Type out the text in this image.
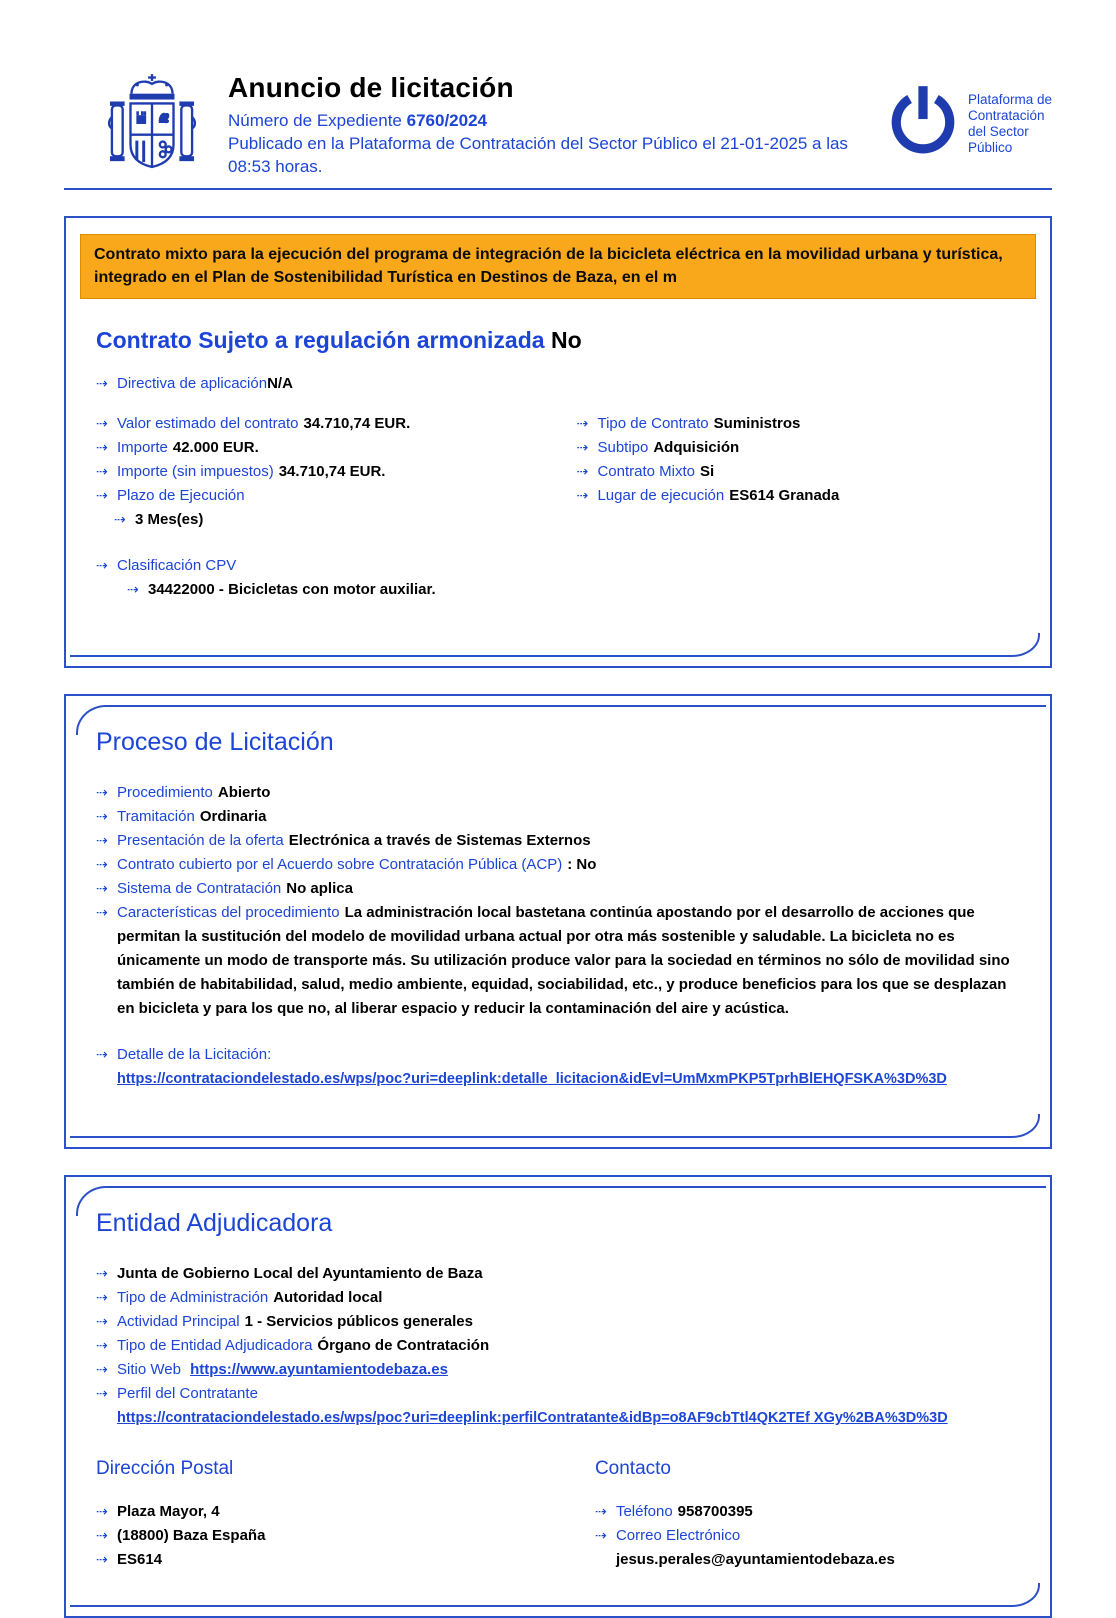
Anuncio de licitación
Número de Expediente 6760/2024
Publicado en la Plataforma de Contratación del Sector Público el 21-01-2025 a las 08:53 horas.
Plataforma de
Contratación
del Sector
Público
Contrato mixto para la ejecución del programa de integración de la bicicleta eléctrica en la movilidad urbana y turística, integrado en el Plan de Sostenibilidad Turística en Destinos de Baza, en el m
Contrato Sujeto a regulación armonizada No
⇢ Directiva de aplicaciónN/A
⇢ Valor estimado del contrato 34.710,74 EUR.
⇢ Importe 42.000 EUR.
⇢ Importe (sin impuestos) 34.710,74 EUR.
⇢ Plazo de Ejecución
⇢ 3 Mes(es)
⇢ Tipo de Contrato Suministros
⇢ Subtipo Adquisición
⇢ Contrato Mixto Si
⇢ Lugar de ejecución ES614 Granada
⇢ Clasificación CPV
⇢ 34422000 - Bicicletas con motor auxiliar.
Proceso de Licitación
⇢ Procedimiento Abierto
⇢ Tramitación Ordinaria
⇢ Presentación de la oferta Electrónica a través de Sistemas Externos
⇢ Contrato cubierto por el Acuerdo sobre Contratación Pública (ACP) : No
⇢ Sistema de Contratación No aplica
⇢ Características del procedimiento La administración local bastetana continúa apostando por el desarrollo de acciones que permitan la sustitución del modelo de movilidad urbana actual por otra más sostenible y saludable. La bicicleta no es únicamente un modo de transporte más. Su utilización produce valor para la sociedad en términos no sólo de movilidad sino también de habitabilidad, salud, medio ambiente, equidad, sociabilidad, etc., y produce beneficios para los que se desplazan en bicicleta y para los que no, al liberar espacio y reducir la contaminación del aire y acústica.
⇢ Detalle de la Licitación:
https://contrataciondelestado.es/wps/poc?uri=deeplink:detalle_licitacion&idEvl=UmMxmPKP5TprhBlEHQFSKA%3D%3D
Entidad Adjudicadora
⇢ Junta de Gobierno Local del Ayuntamiento de Baza
⇢ Tipo de Administración Autoridad local
⇢ Actividad Principal 1 - Servicios públicos generales
⇢ Tipo de Entidad Adjudicadora Órgano de Contratación
⇢ Sitio Web https://www.ayuntamientodebaza.es
⇢ Perfil del Contratante
https://contrataciondelestado.es/wps/poc?uri=deeplink:perfilContratante&idBp=o8AF9cbTtl4QK2TEf XGy%2BA%3D%3D
Dirección Postal
⇢ Plaza Mayor, 4
⇢ (18800) Baza España
⇢ ES614
Contacto
⇢ Teléfono 958700395
⇢ Correo Electrónico
jesus.perales@ayuntamientodebaza.es
